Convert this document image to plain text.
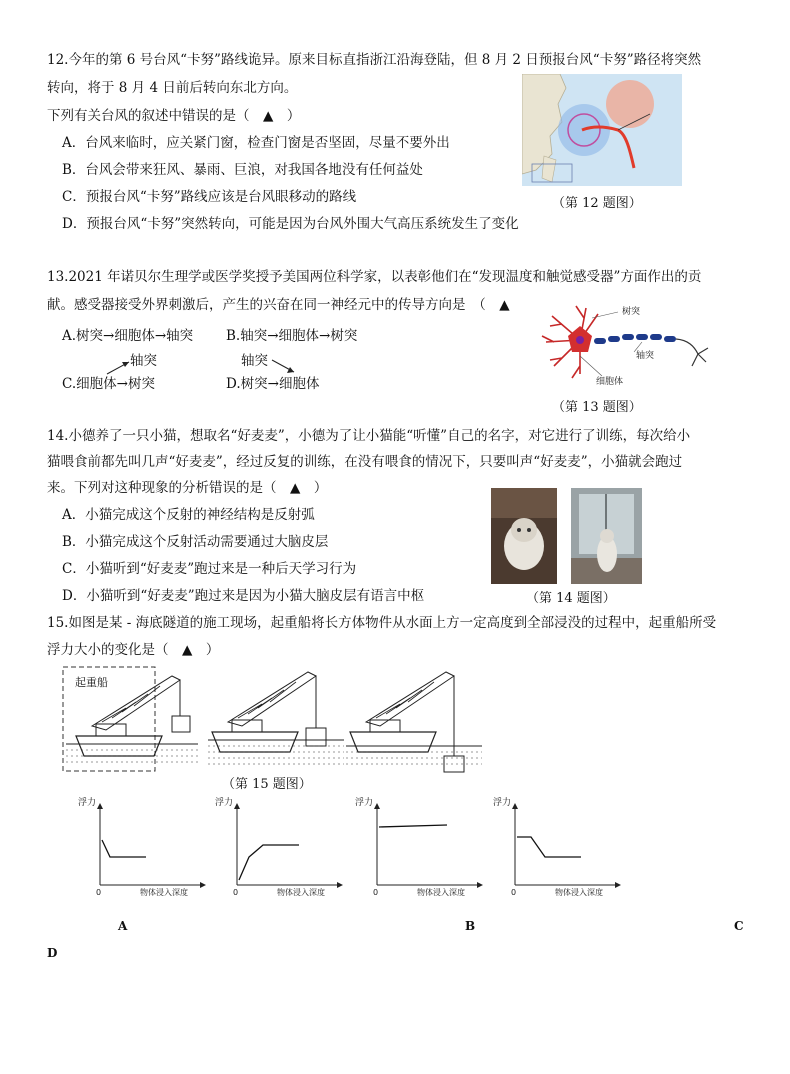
12.今年的第 6 号台风“卡努”路线诡异。原来目标直指浙江沿海登陆，但 8 月 2 日预报台风“卡努”路径将突然
转向，将于 8 月 4 日前后转向东北方向。
下列有关台风的叙述中错误的是（　▲　）
A．台风来临时，应关紧门窗，检查门窗是否坚固，尽量不要外出
B．台风会带来狂风、暴雨、巨浪，对我国各地没有任何益处
C．预报台风“卡努”路线应该是台风眼移动的路线
D．预报台风“卡努”突然转向，可能是因为台风外围大气高压系统发生了变化
（第 12 题图）
13.2021 年诺贝尔生理学或医学奖授予美国两位科学家，以表彰他们在“发现温度和触觉感受器”方面作出的贡
献。感受器接受外界刺激后，产生的兴奋在同一神经元中的传导方向是　（　▲
A.树突→细胞体→轴突 B.轴突→细胞体→树突
轴突
C.细胞体→树突
轴突
D.树突→细胞体
树突
轴突
细胞体
（第 13 题图）
14.小德养了一只小猫，想取名“好麦麦”，小德为了让小猫能“听懂”自己的名字，对它进行了训练，每次给小
猫喂食前都先叫几声“好麦麦”，经过反复的训练，在没有喂食的情况下，只要叫声“好麦麦”，小猫就会跑过
来。下列对这种现象的分析错误的是（　▲　）
A．小猫完成这个反射的神经结构是反射弧
B．小猫完成这个反射活动需要通过大脑皮层
C．小猫听到“好麦麦”跑过来是一种后天学习行为
D．小猫听到“好麦麦”跑过来是因为小猫大脑皮层有语言中枢	（第 14 题图）
15.如图是某 - 海底隧道的施工现场，起重船将长方体物件从水面上方一定高度到全部浸没的过程中，起重船所受
浮力大小的变化是（　▲　）
起重船
（第 15 题图）
浮力
0	物体浸入深度
浮力
0	物体浸入深度
浮力
0	物体浸入深度
浮力
0	物体浸入深度
A	B	C
D
